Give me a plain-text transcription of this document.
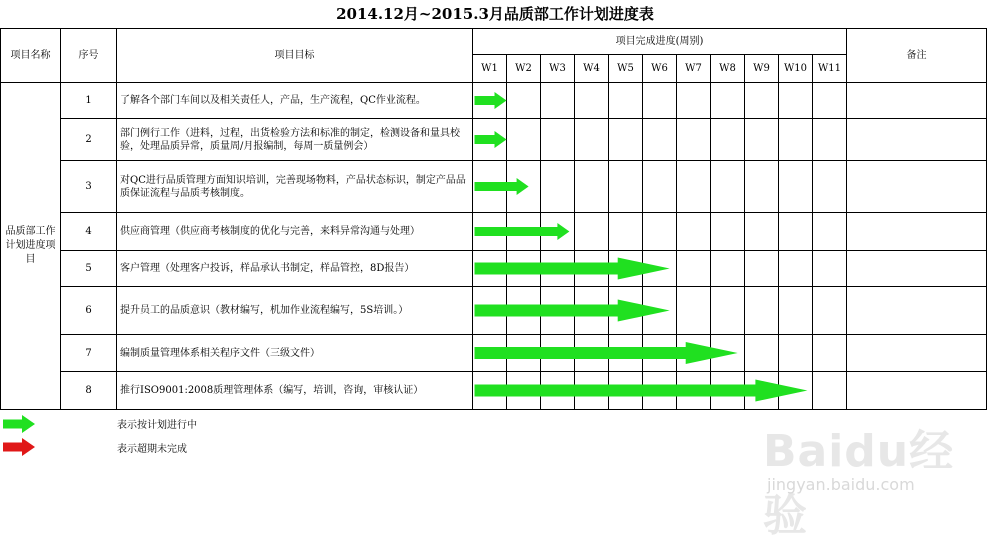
2014.12月~2015.3月品质部工作计划进度表
项目名称	序号	项目目标	项目完成进度(周别)											备注
			W1	W2	W3	W4	W5	W6	W7	W8	W9	W10	W11	
品质部工作计划进度项目	1	了解各个部门车间以及相关责任人，产品，生产流程，QC作业流程。												
	2	部门例行工作（进料，过程，出货检验方法和标准的制定，检测设备和量具校验，处理品质异常，质量周/月报编制，每周一质量例会）												
	3	对QC进行品质管理方面知识培训，完善现场物料，产品状态标识，制定产品品质保证流程与品质考核制度。												
	4	供应商管理（供应商考核制度的优化与完善，来料异常沟通与处理）												
	5	客户管理（处理客户投诉，样品承认书制定，样品管控，8D报告）												
	6	提升员工的品质意识（教材编写，机加作业流程编写，5S培训。）												
	7	编制质量管理体系相关程序文件（三级文件）												
	8	推行ISO9001:2008质理管理体系（编写，培训，咨询，审核认证）												
表示按计划进行中
表示超期未完成	Baidu经验
jingyan.baidu.com
